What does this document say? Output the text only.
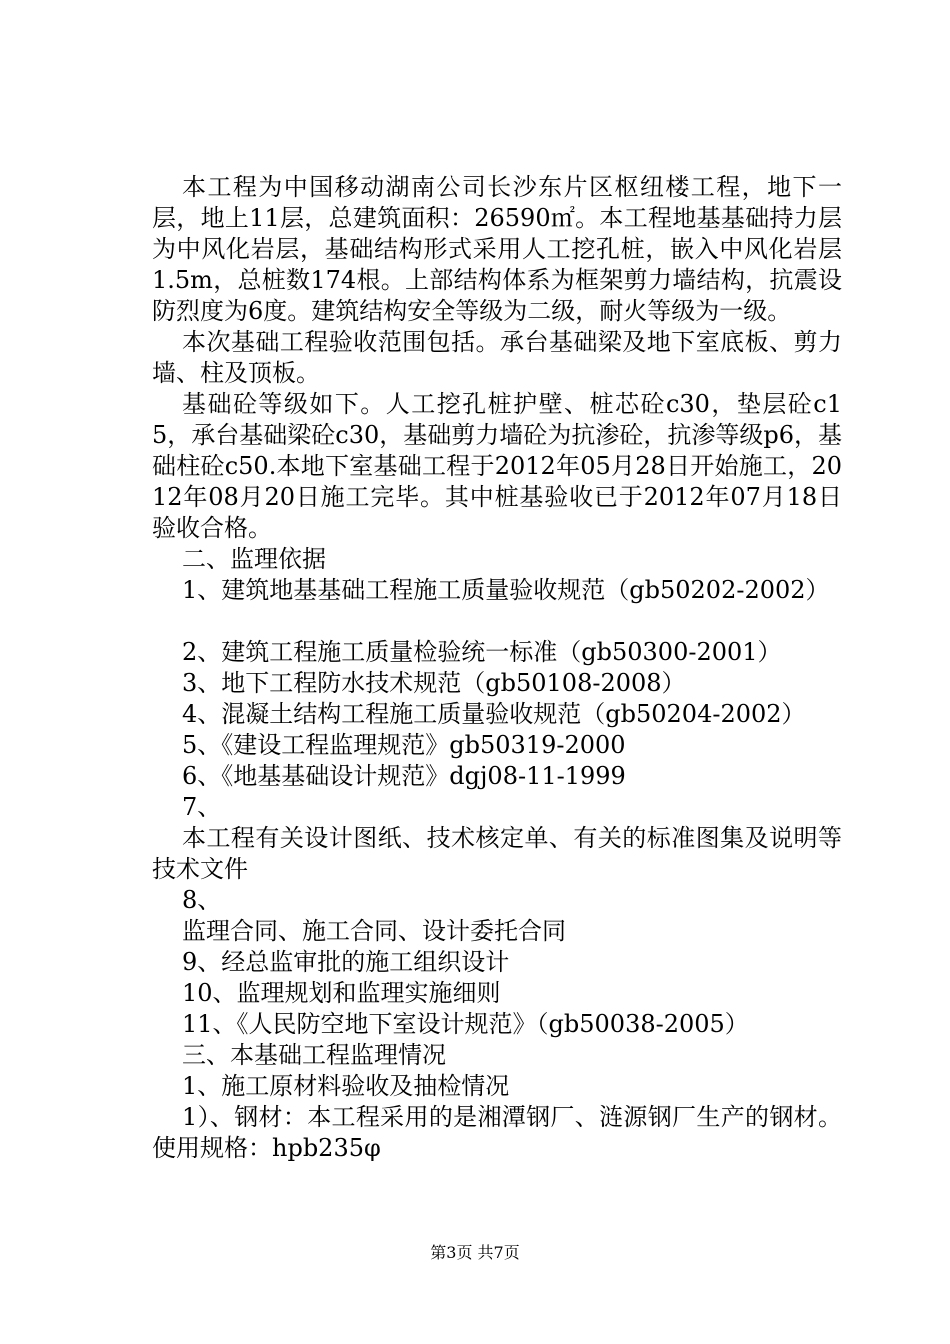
本工程为中国移动湖南公司长沙东片区枢纽楼工程，地下一层，地上11层，总建筑面积：26590㎡。本工程地基基础持力层为中风化岩层，基础结构形式采用人工挖孔桩，嵌入中风化岩层1.5m，总桩数174根。上部结构体系为框架剪力墙结构，抗震设防烈度为6度。建筑结构安全等级为二级，耐火等级为一级。

本次基础工程验收范围包括。承台基础梁及地下室底板、剪力墙、柱及顶板。

基础砼等级如下。人工挖孔桩护壁、桩芯砼c30，垫层砼c15，承台基础梁砼c30，基础剪力墙砼为抗渗砼，抗渗等级p6，基础柱砼c50.本地下室基础工程于2012年05月28日开始施工，2012年08月20日施工完毕。其中桩基验收已于2012年07月18日验收合格。

二、监理依据

1、建筑地基基础工程施工质量验收规范（gb50202-2002）

2、建筑工程施工质量检验统一标准（gb50300-2001）

3、地下工程防水技术规范（gb50108-2008）

4、混凝土结构工程施工质量验收规范（gb50204-2002）

5、《建设工程监理规范》gb50319-2000

6、《地基基础设计规范》dgj08-11-1999

7、

本工程有关设计图纸、技术核定单、有关的标准图集及说明等技术文件

8、

监理合同、施工合同、设计委托合同

9、经总监审批的施工组织设计

10、监理规划和监理实施细则

11、《人民防空地下室设计规范》（gb50038-2005）

三、本基础工程监理情况

1、施工原材料验收及抽检情况

1）、钢材：本工程采用的是湘潭钢厂、涟源钢厂生产的钢材。使用规格：hpb235φ

第3页 共7页
